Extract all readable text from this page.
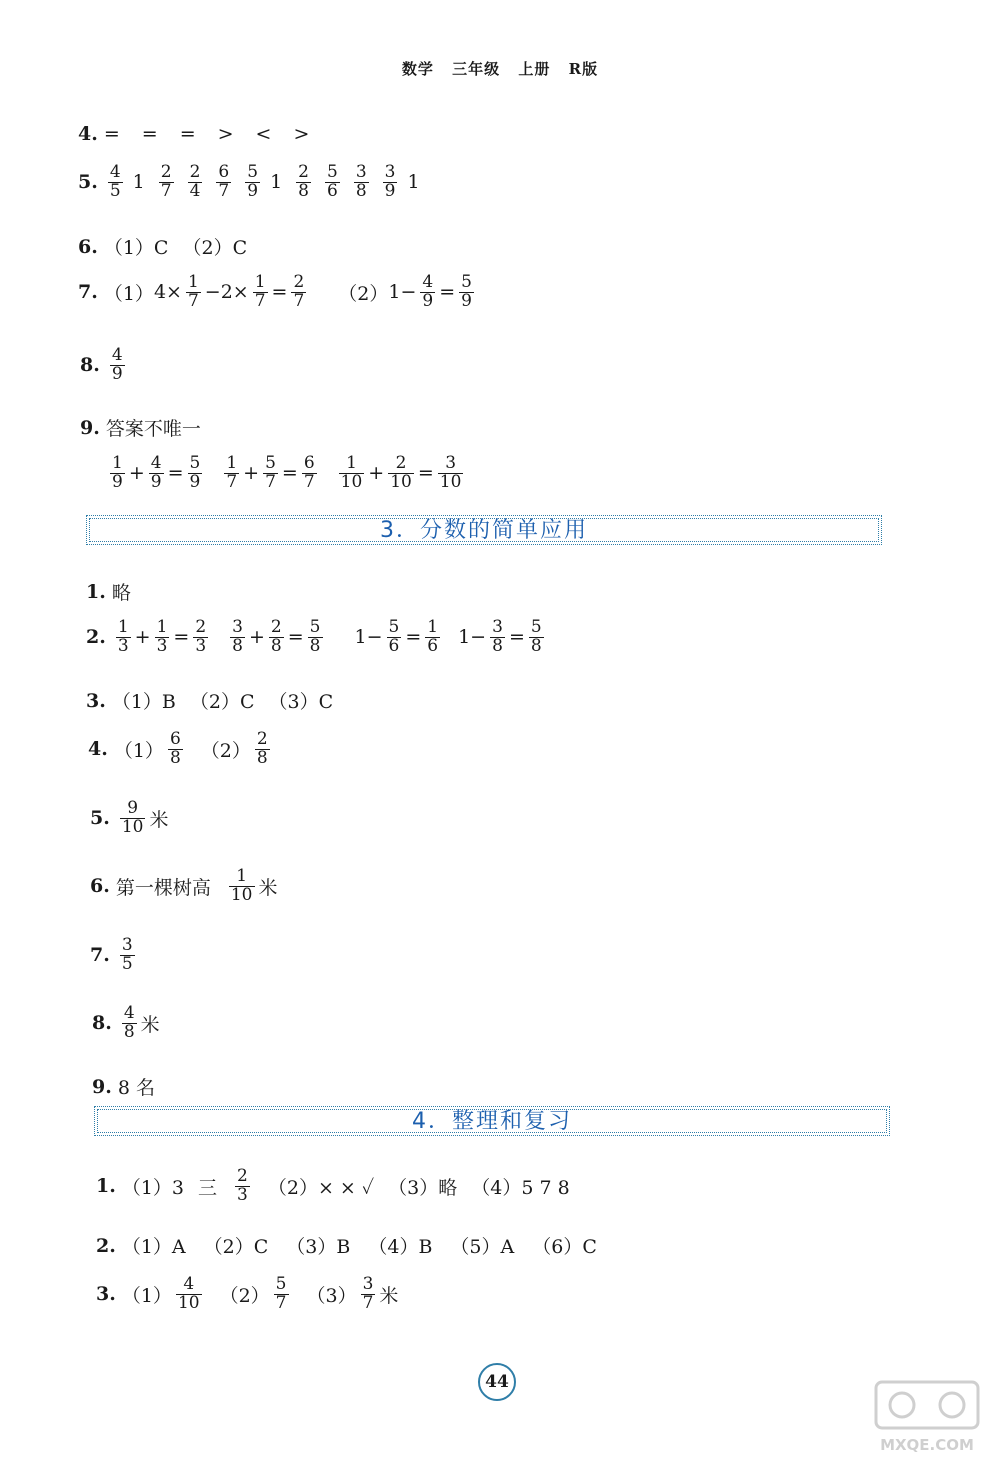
数学 三年级 上册 R版
4. = = = > < >
5. $\frac{4}{5} 1 \frac{2}{7} \frac{2}{4} \frac{6}{7} \frac{5}{9} 1 \frac{2}{8} \frac{5}{6} \frac{3}{8} \frac{3}{9} 1$
6. （1）C （2）C
7. （1） $4\times \frac{1}{7} -2\times \frac{1}{7} = \frac{2}{7} (2)$ $1- \frac{4}{9} = \frac{5}{9}$
8. $\frac{4}{9}$
9. 答案不唯一
$\frac{1}{9} + \frac{4}{9} = \frac{5}{9} \frac{1}{7} + \frac{5}{7} = \frac{6}{7} \frac{1}{10} + \frac{2}{10} = \frac{3}{10}$
3．分数的简单应用
1. 略
2. $\frac{1}{3} + \frac{1}{3} = \frac{2}{3} \frac{3}{8} + \frac{2}{8} = \frac{5}{8} 1- \frac{5}{6} = \frac{1}{6} 1- \frac{3}{8} = \frac{5}{8}$
3. （1）B （2）C （3）C
4. $(1) \frac{6}{8} (2) \frac{2}{8}$
5. $\frac{9}{10}$ 米
6. 第一棵树高 $\frac{1}{10}$ 米
7. $\frac{3}{5}$
8. $\frac{4}{8}$ 米
9. 8 名
4．整理和复习
1. （1）3 三 $\frac{2}{3} (2)\times$ × ✓ （3）略 （4）5 7 8
2. （1）A （2）C （3）B （4）B （5）A （6）C
3. $(1) \frac{4}{10} (2) \frac{5}{7} (3) \frac{3}{7}$ 米
44
MXQE.COM
